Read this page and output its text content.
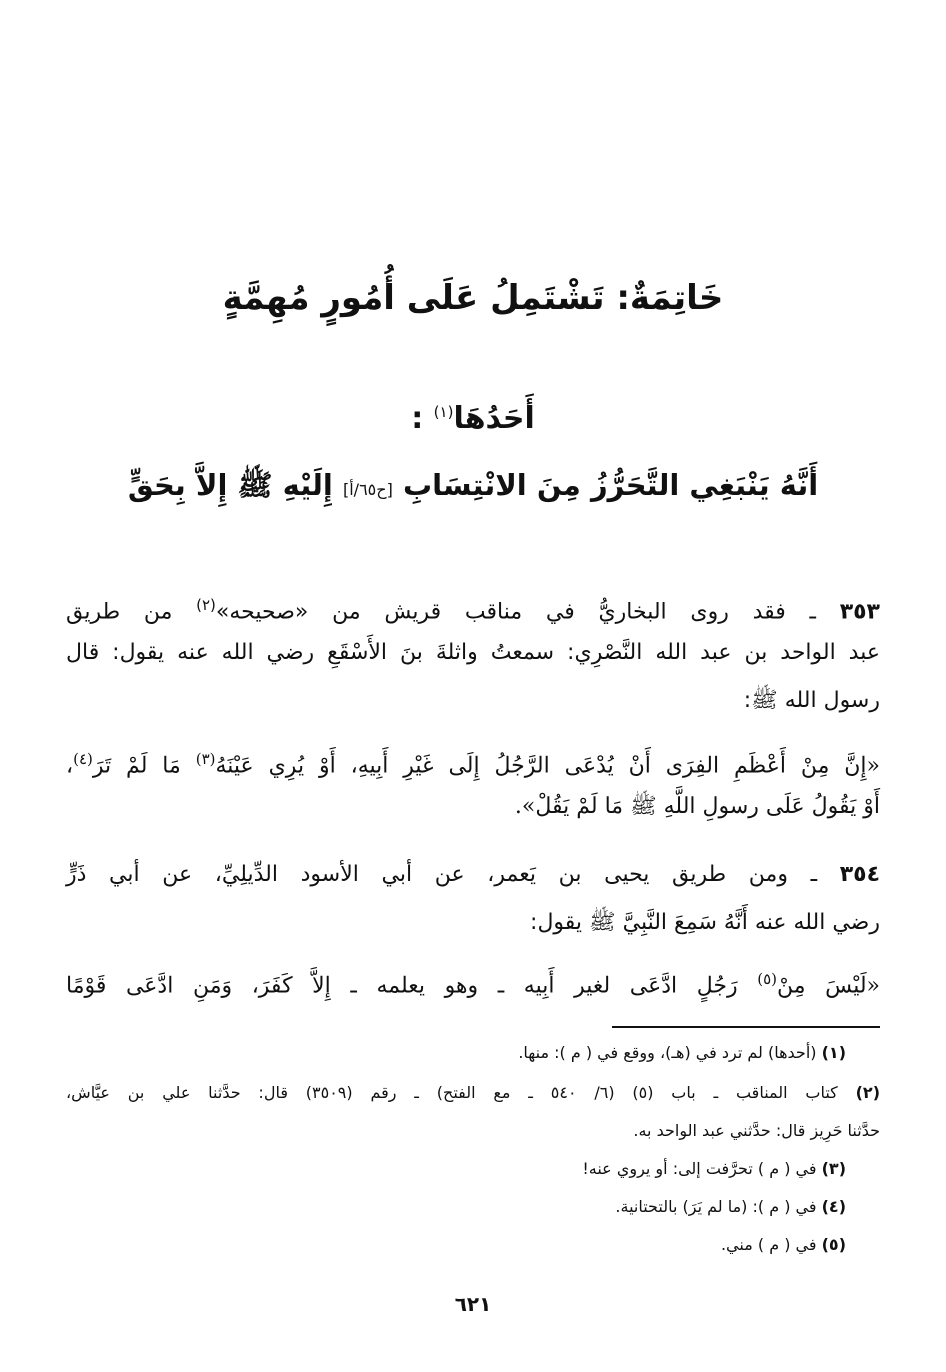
خَاتِمَةٌ: تَشْتَمِلُ عَلَى أُمُورٍ مُهِمَّةٍ
أَحَدُهَا$^{(١)}$ :
أَنَّهُ يَنْبَغِي التَّحَرُّزُ مِنَ الانْتِسَابِ [ح٦٥/أ] إِلَيْهِ ﷺ إِلاَّ بِحَقٍّ
٣٥٣ ـ فقد روى البخاريُّ في مناقب قريش من «صحيحه»$^{(٢)}$ من طريق
عبد الواحد بن عبد الله النَّصْرِي: سمعتُ واثلةَ بنَ الأَسْقَعِ رضي الله عنه يقول: قال
رسول الله ﷺ:
«إِنَّ مِنْ أَعْظَمِ الفِرَى أَنْ يُدْعَى الرَّجُلُ إِلَى غَيْرِ أَبِيهِ، أَوْ يُرِي عَيْنَهُ$^{(٣)}$ مَا لَمْ تَرَ$^{(٤)}$،
أَوْ يَقُولُ عَلَى رسولِ اللَّهِ ﷺ مَا لَمْ يَقُلْ».
٣٥٤ ـ ومن طريق يحيى بن يَعمر، عن أبي الأسود الدِّيلِيِّ، عن أبي ذَرٍّ
رضي الله عنه أَنَّهُ سَمِعَ النَّبِيَّ ﷺ يقول:
«لَيْسَ مِنْ$^{(٥)}$ رَجُلٍ ادَّعَى لغير أَبِيه ـ وهو يعلمه ـ إِلاَّ كَفَرَ، وَمَنِ ادَّعَى قَوْمًا
(١) (أحدها) لم ترد في (هـ)، ووقع في ( م ): منها.
(٢) كتاب المناقب ـ باب (٥) (٦/ ٥٤٠ ـ مع الفتح) ـ رقم (٣٥٠٩) قال: حدَّثنا علي بن عيَّاش،
حدَّثنا حَرِيز قال: حدَّثني عبد الواحد به.
(٣) في ( م ) تحرَّفت إلى: أو يروي عنه!
(٤) في ( م ): (ما لم يَرَ) بالتحتانية.
(٥) في ( م ) مني.
٦٢١
